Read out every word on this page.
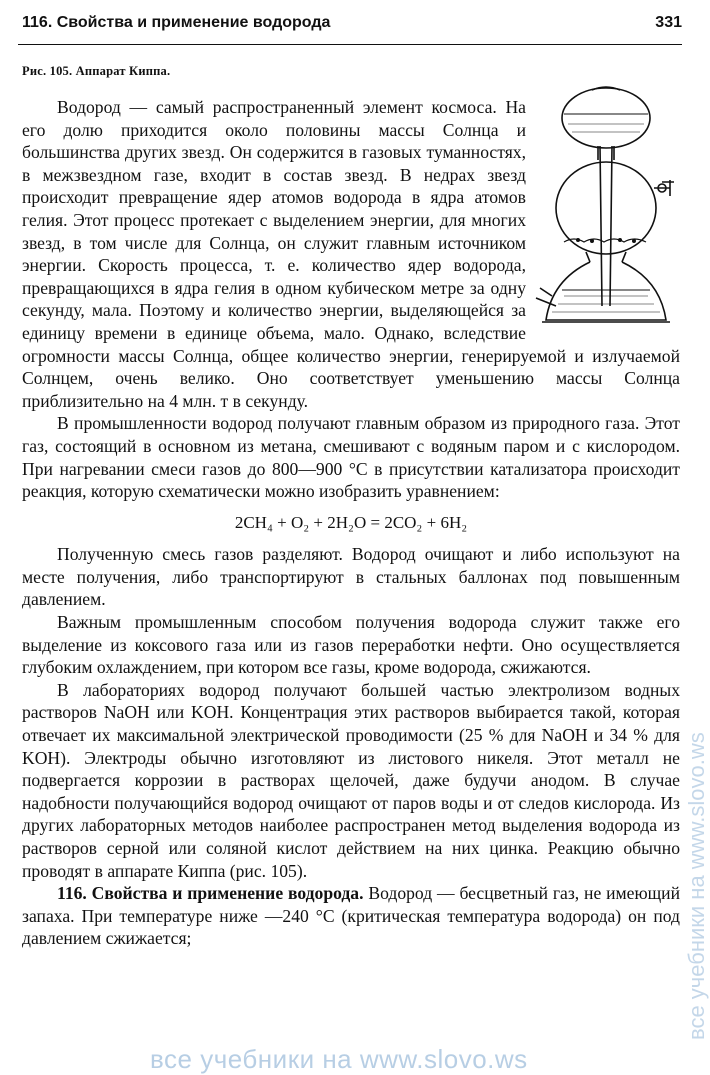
116. Свойства и применение водорода	331
Рис. 105. Аппарат Киппа.

Водород — самый распространенный элемент космоса. На его долю приходится около половины массы Солнца и большинства других звезд. Он содержится в газовых туманностях, в межзвездном газе, входит в состав звезд. В недрах звезд происходит превращение ядер атомов водорода в ядра атомов гелия. Этот процесс протекает с выделением энергии, для многих звезд, в том числе для Солнца, он служит главным источником энергии. Скорость процесса, т. е. количество ядер водорода, превращающихся в ядра гелия в одном кубическом метре за одну секунду, мала. Поэтому и количество энергии, выделяющейся за единицу времени в единице объема, мало. Однако, вследствие огромности массы Солнца, общее количество энергии, генерируемой и излучаемой Солнцем, очень велико. Оно соответствует уменьшению массы Солнца приблизительно на 4 млн. т в секунду.

В промышленности водород получают главным образом из природного газа. Этот газ, состоящий в основном из метана, смешивают с водяным паром и с кислородом. При нагревании смеси газов до 800—900 °С в присутствии катализатора происходит реакция, которую схематически можно изобразить уравнением:

2CH₄ + O₂ + 2H₂O = 2CO₂ + 6H₂

Полученную смесь газов разделяют. Водород очищают и либо используют на месте получения, либо транспортируют в стальных баллонах под повышенным давлением.

Важным промышленным способом получения водорода служит также его выделение из коксового газа или из газов переработки нефти. Оно осуществляется глубоким охлаждением, при котором все газы, кроме водорода, сжижаются.

В лабораториях водород получают большей частью электролизом водных растворов NaOH или KOH. Концентрация этих растворов выбирается такой, которая отвечает их максимальной электрической проводимости (25 % для NaOH и 34 % для KOH). Электроды обычно изготовляют из листового никеля. Этот металл не подвергается коррозии в растворах щелочей, даже будучи анодом. В случае надобности получающийся водород очищают от паров воды и от следов кислорода. Из других лабораторных методов наиболее распространен метод выделения водорода из растворов серной или соляной кислот действием на них цинка. Реакцию обычно проводят в аппарате Киппа (рис. 105).

116. Свойства и применение водорода. Водород — бесцветный газ, не имеющий запаха. При температуре ниже —240 °С (критическая температура водорода) он под давлением сжижается;

все учебники на www.slovo.ws
все учебники на www.slovo.ws
